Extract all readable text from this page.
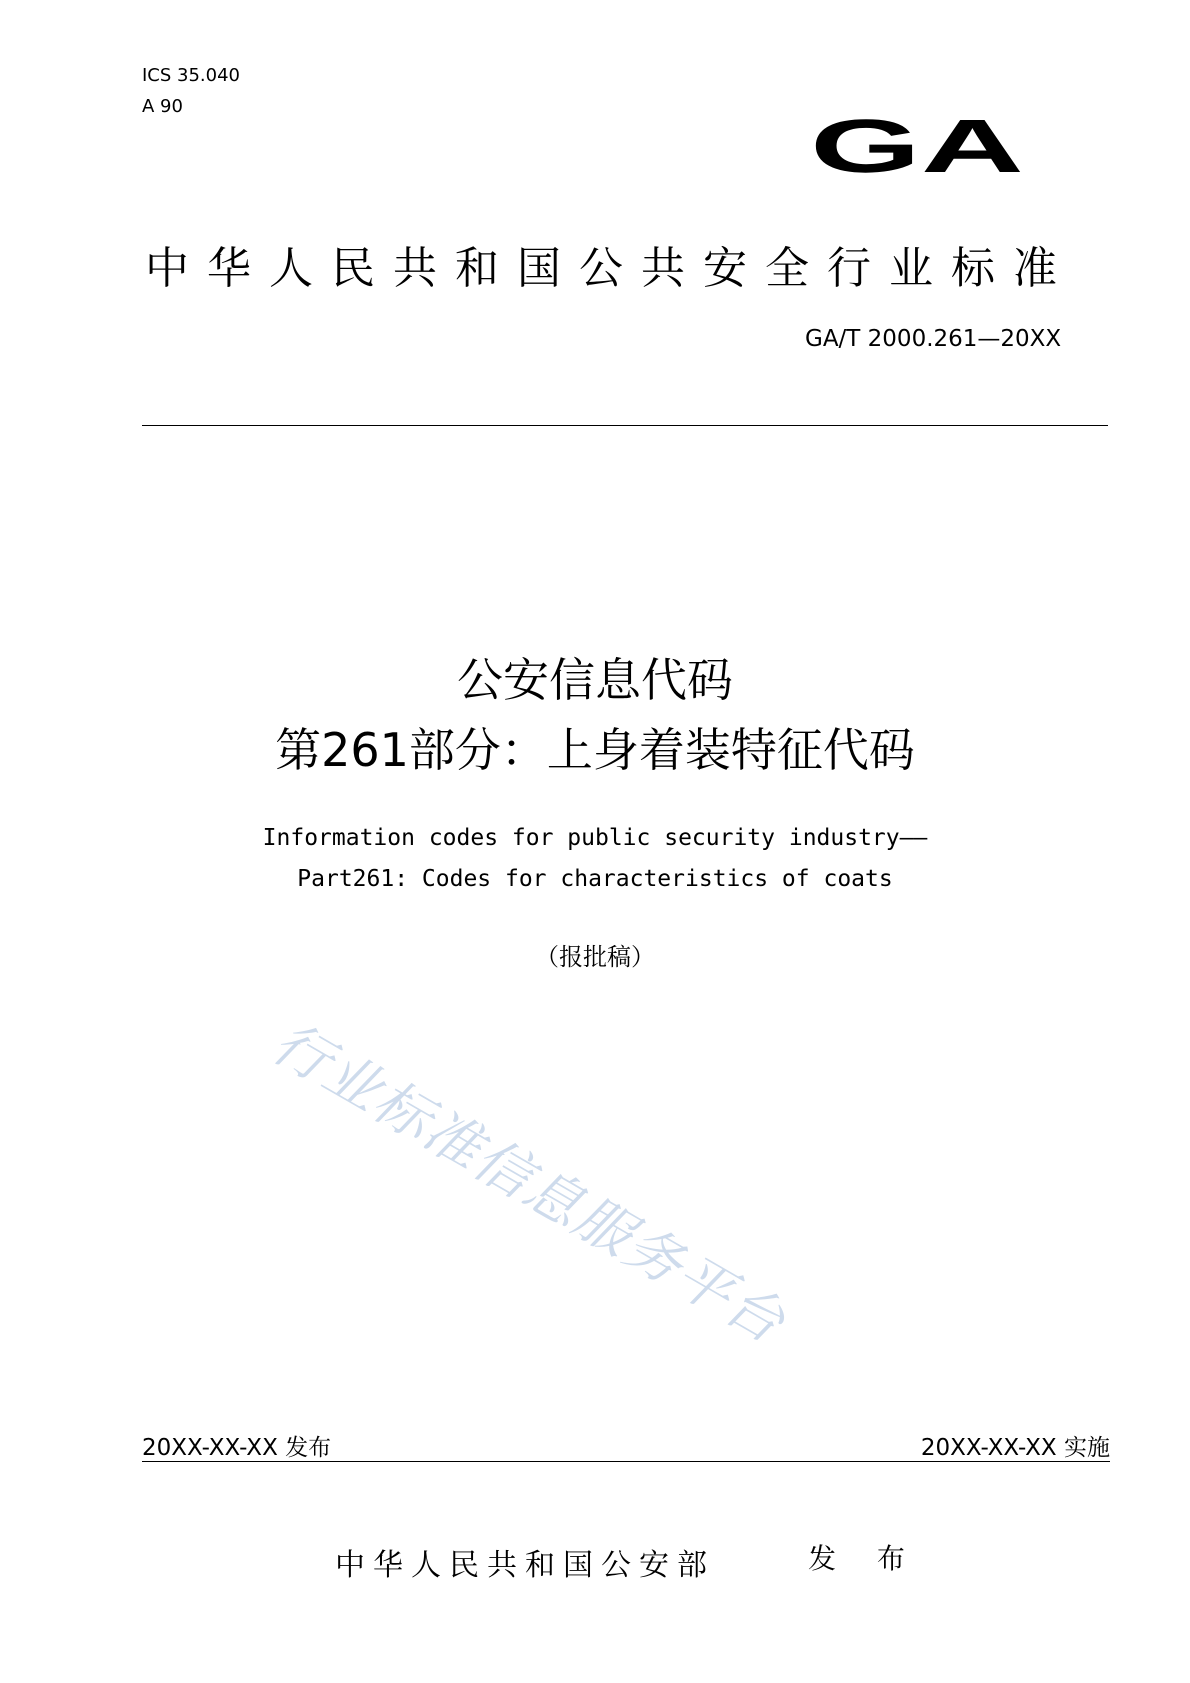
ICS 35.040
A 90	GA
中华人民共和国公共安全行业标准
GA/T 2000.261—20XX
公安信息代码
第261部分：上身着装特征代码
Information codes for public security industry——
Part261: Codes for characteristics of coats
（报批稿）
行业标准信息服务平台
20XX-XX-XX 发布	20XX-XX-XX 实施
中华人民共和国公安部	发 布
